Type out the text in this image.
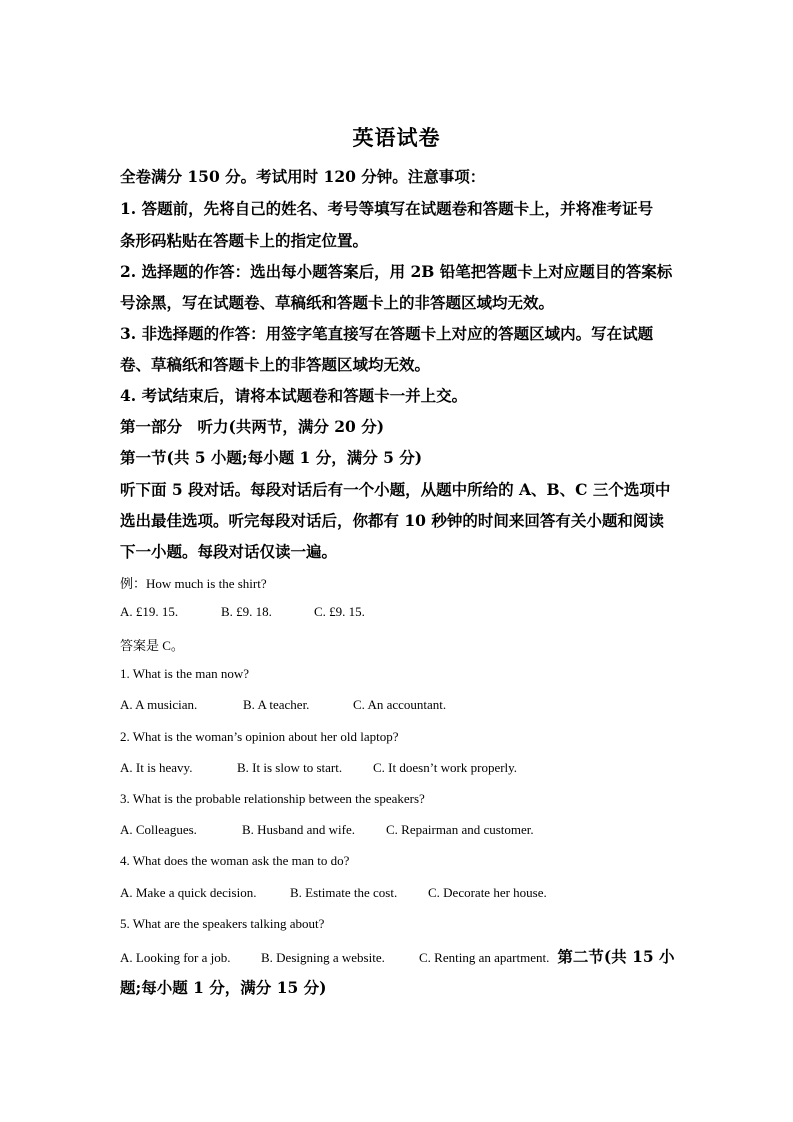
英语试卷
全卷满分 150 分。考试用时 120 分钟。注意事项：
1. 答题前，先将自己的姓名、考号等填写在试题卷和答题卡上，并将准考证号
条形码粘贴在答题卡上的指定位置。
2. 选择题的作答：选出每小题答案后，用 2B 铅笔把答题卡上对应题目的答案标
号涂黑，写在试题卷、草稿纸和答题卡上的非答题区域均无效。
3. 非选择题的作答：用签字笔直接写在答题卡上对应的答题区域内。写在试题
卷、草稿纸和答题卡上的非答题区域均无效。
4. 考试结束后，请将本试题卷和答题卡一并上交。
第一部分　听力(共两节，满分 20 分)
第一节(共 5 小题;每小题 1 分，满分 5 分)
听下面 5 段对话。每段对话后有一个小题，从题中所给的 A、B、C 三个选项中
选出最佳选项。听完每段对话后，你都有 10 秒钟的时间来回答有关小题和阅读
下一小题。每段对话仅读一遍。
例：How much is the shirt?
A. £19. 15.	B. £9. 18.	C. £9. 15.
答案是 C。
1. What is the man now?
A. A musician.	B. A teacher.	C. An accountant.
2. What is the woman’s opinion about her old laptop?
A. It is heavy.	B. It is slow to start. C. It doesn’t work properly.
3. What is the probable relationship between the speakers?
A. Colleagues.	B. Husband and wife. C. Repairman and customer.
4. What does the woman ask the man to do?
A. Make a quick decision.	B. Estimate the cost. C. Decorate her house.
5. What are the speakers talking about?
A. Looking for a job. B. Designing a website.	C. Renting an apartment. 第二节(共 15 小
题;每小题 1 分，满分 15 分)
